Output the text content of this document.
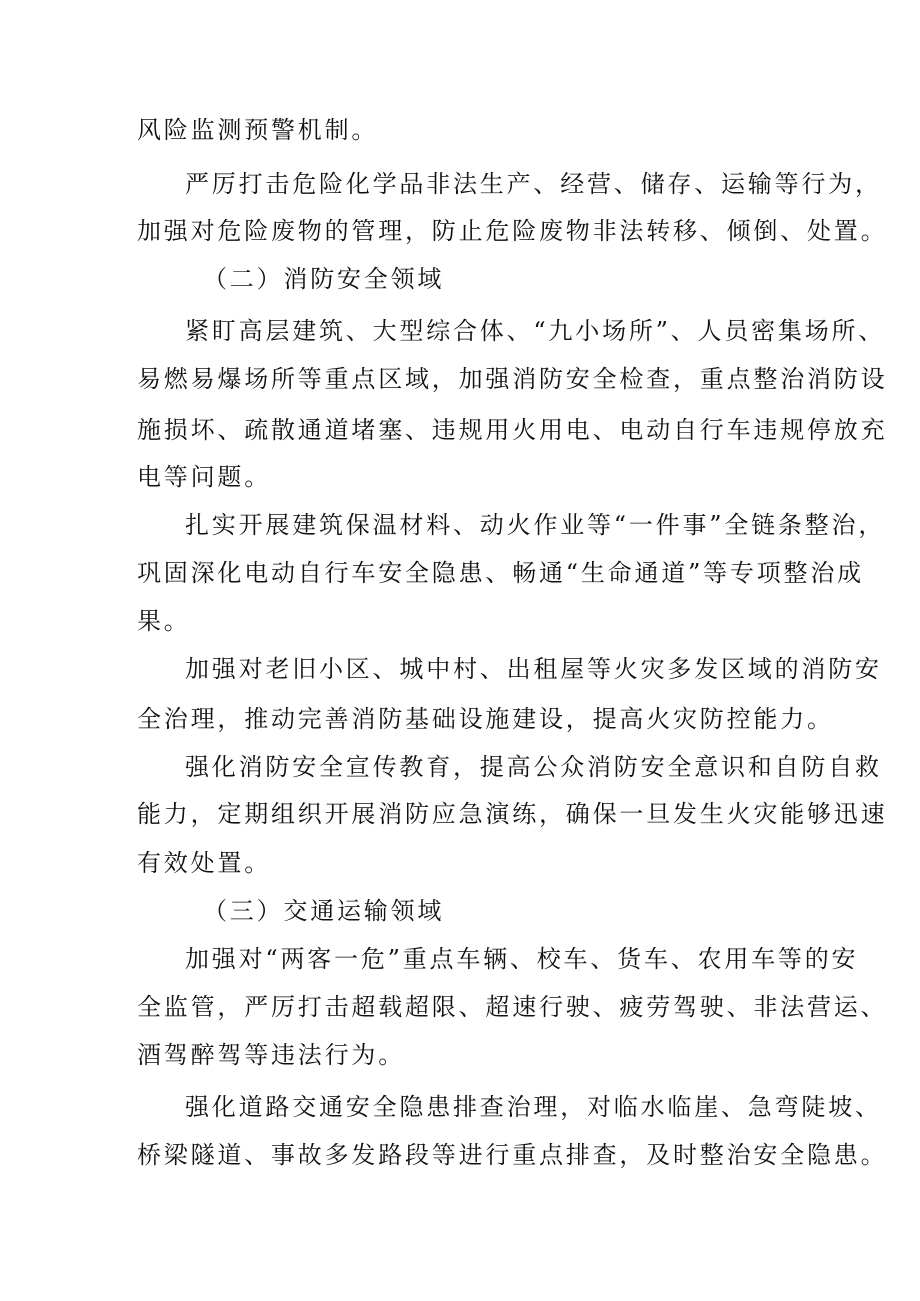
风险监测预警机制。
严厉打击危险化学品非法生产、经营、储存、运输等行为，
加强对危险废物的管理，防止危险废物非法转移、倾倒、处置。
（二）消防安全领域
紧盯高层建筑、大型综合体、“九小场所”、人员密集场所、
易燃易爆场所等重点区域，加强消防安全检查，重点整治消防设
施损坏、疏散通道堵塞、违规用火用电、电动自行车违规停放充
电等问题。
扎实开展建筑保温材料、动火作业等“一件事”全链条整治，
巩固深化电动自行车安全隐患、畅通“生命通道”等专项整治成
果。
加强对老旧小区、城中村、出租屋等火灾多发区域的消防安
全治理，推动完善消防基础设施建设，提高火灾防控能力。
强化消防安全宣传教育，提高公众消防安全意识和自防自救
能力，定期组织开展消防应急演练，确保一旦发生火灾能够迅速
有效处置。
（三）交通运输领域
加强对“两客一危”重点车辆、校车、货车、农用车等的安
全监管，严厉打击超载超限、超速行驶、疲劳驾驶、非法营运、
酒驾醉驾等违法行为。
强化道路交通安全隐患排查治理，对临水临崖、急弯陡坡、
桥梁隧道、事故多发路段等进行重点排查，及时整治安全隐患。
